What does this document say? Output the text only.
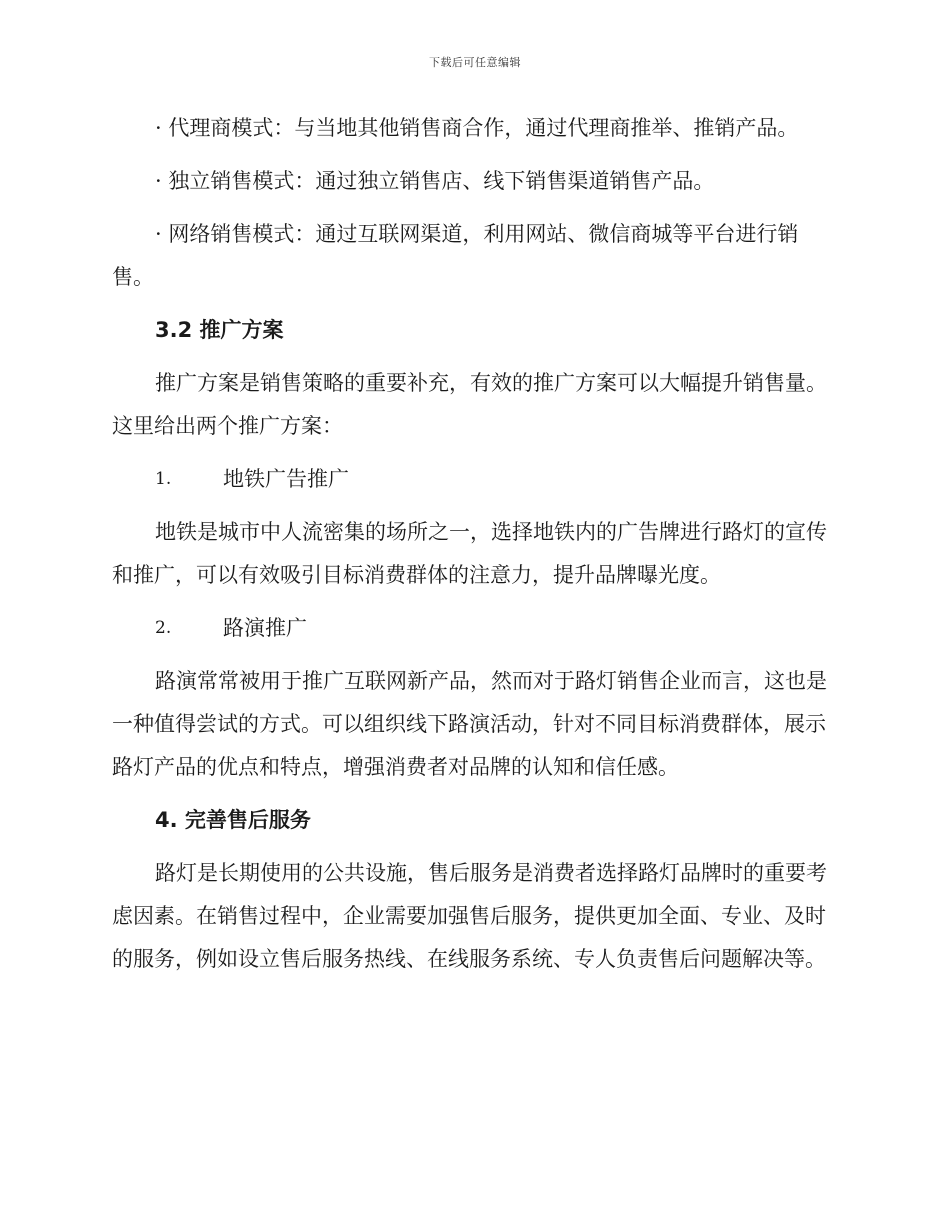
下载后可任意编辑

· 代理商模式：与当地其他销售商合作，通过代理商推举、推销产品。

· 独立销售模式：通过独立销售店、线下销售渠道销售产品。

· 网络销售模式：通过互联网渠道，利用网站、微信商城等平台进行销售。

3.2 推广方案

推广方案是销售策略的重要补充，有效的推广方案可以大幅提升销售量。这里给出两个推广方案：

1.	地铁广告推广

地铁是城市中人流密集的场所之一，选择地铁内的广告牌进行路灯的宣传和推广，可以有效吸引目标消费群体的注意力，提升品牌曝光度。

2.	路演推广

路演常常被用于推广互联网新产品，然而对于路灯销售企业而言，这也是一种值得尝试的方式。可以组织线下路演活动，针对不同目标消费群体，展示路灯产品的优点和特点，增强消费者对品牌的认知和信任感。

4. 完善售后服务

路灯是长期使用的公共设施，售后服务是消费者选择路灯品牌时的重要考虑因素。在销售过程中，企业需要加强售后服务，提供更加全面、专业、及时的服务，例如设立售后服务热线、在线服务系统、专人负责售后问题解决等。
